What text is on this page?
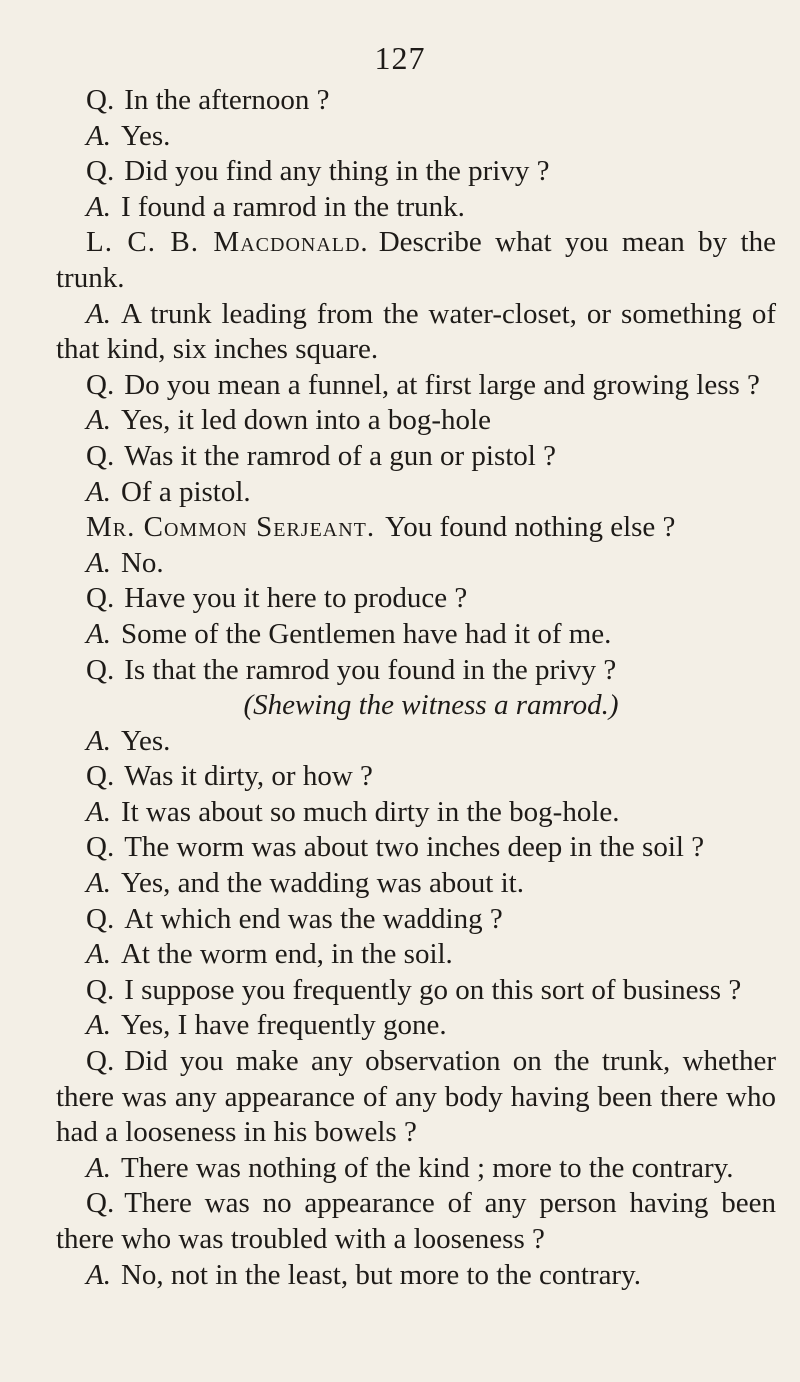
127

Q. In the afternoon ?

A. Yes.

Q. Did you find any thing in the privy ?

A. I found a ramrod in the trunk.

L. C. B. Macdonald. Describe what you mean by the trunk.

A. A trunk leading from the water-closet, or something of that kind, six inches square.

Q. Do you mean a funnel, at first large and growing less ?

A. Yes, it led down into a bog-hole

Q. Was it the ramrod of a gun or pistol ?

A. Of a pistol.

Mr. Common Serjeant. You found nothing else ?

A. No.

Q. Have you it here to produce ?

A. Some of the Gentlemen have had it of me.

Q. Is that the ramrod you found in the privy ?

(Shewing the witness a ramrod.)

A. Yes.

Q. Was it dirty, or how ?

A. It was about so much dirty in the bog-hole.

Q. The worm was about two inches deep in the soil ?

A. Yes, and the wadding was about it.

Q. At which end was the wadding ?

A. At the worm end, in the soil.

Q. I suppose you frequently go on this sort of business ?

A. Yes, I have frequently gone.

Q. Did you make any observation on the trunk, whether there was any appearance of any body having been there who had a looseness in his bowels ?

A. There was nothing of the kind ; more to the contrary.

Q. There was no appearance of any person having been there who was troubled with a looseness ?

A. No, not in the least, but more to the contrary.
